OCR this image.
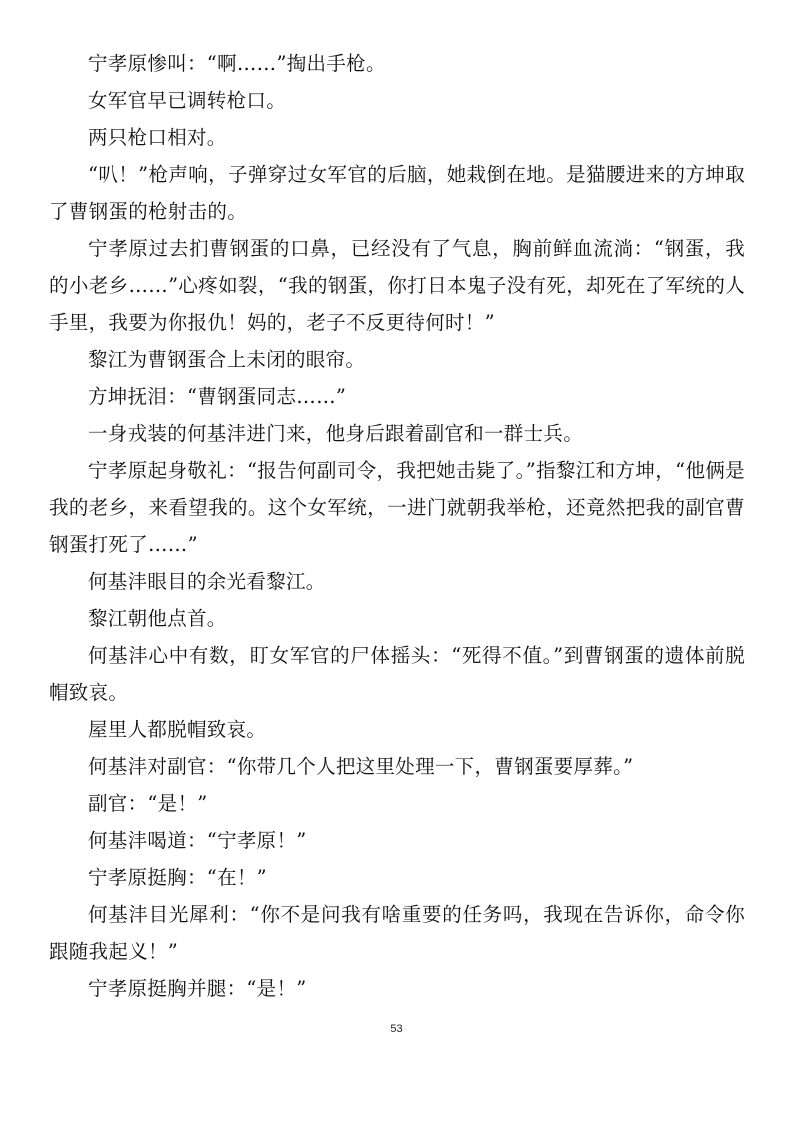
宁孝原惨叫：“啊……”掏出手枪。

女军官早已调转枪口。

两只枪口相对。

“叭！”枪声响，子弹穿过女军官的后脑，她栽倒在地。是猫腰进来的方坤取了曹钢蛋的枪射击的。

宁孝原过去扪曹钢蛋的口鼻，已经没有了气息，胸前鲜血流淌：“钢蛋，我的小老乡……”心疼如裂，“我的钢蛋，你打日本鬼子没有死，却死在了军统的人手里，我要为你报仇！妈的，老子不反更待何时！”

黎江为曹钢蛋合上未闭的眼帘。

方坤抚泪：“曹钢蛋同志……”

一身戎装的何基沣进门来，他身后跟着副官和一群士兵。

宁孝原起身敬礼：“报告何副司令，我把她击毙了。”指黎江和方坤，“他俩是我的老乡，来看望我的。这个女军统，一进门就朝我举枪，还竟然把我的副官曹钢蛋打死了……”

何基沣眼目的余光看黎江。

黎江朝他点首。

何基沣心中有数，盯女军官的尸体摇头：“死得不值。”到曹钢蛋的遗体前脱帽致哀。

屋里人都脱帽致哀。

何基沣对副官：“你带几个人把这里处理一下，曹钢蛋要厚葬。”

副官：“是！”

何基沣喝道：“宁孝原！”

宁孝原挺胸：“在！”

何基沣目光犀利：“你不是问我有啥重要的任务吗，我现在告诉你，命令你跟随我起义！”

宁孝原挺胸并腿：“是！”

53
